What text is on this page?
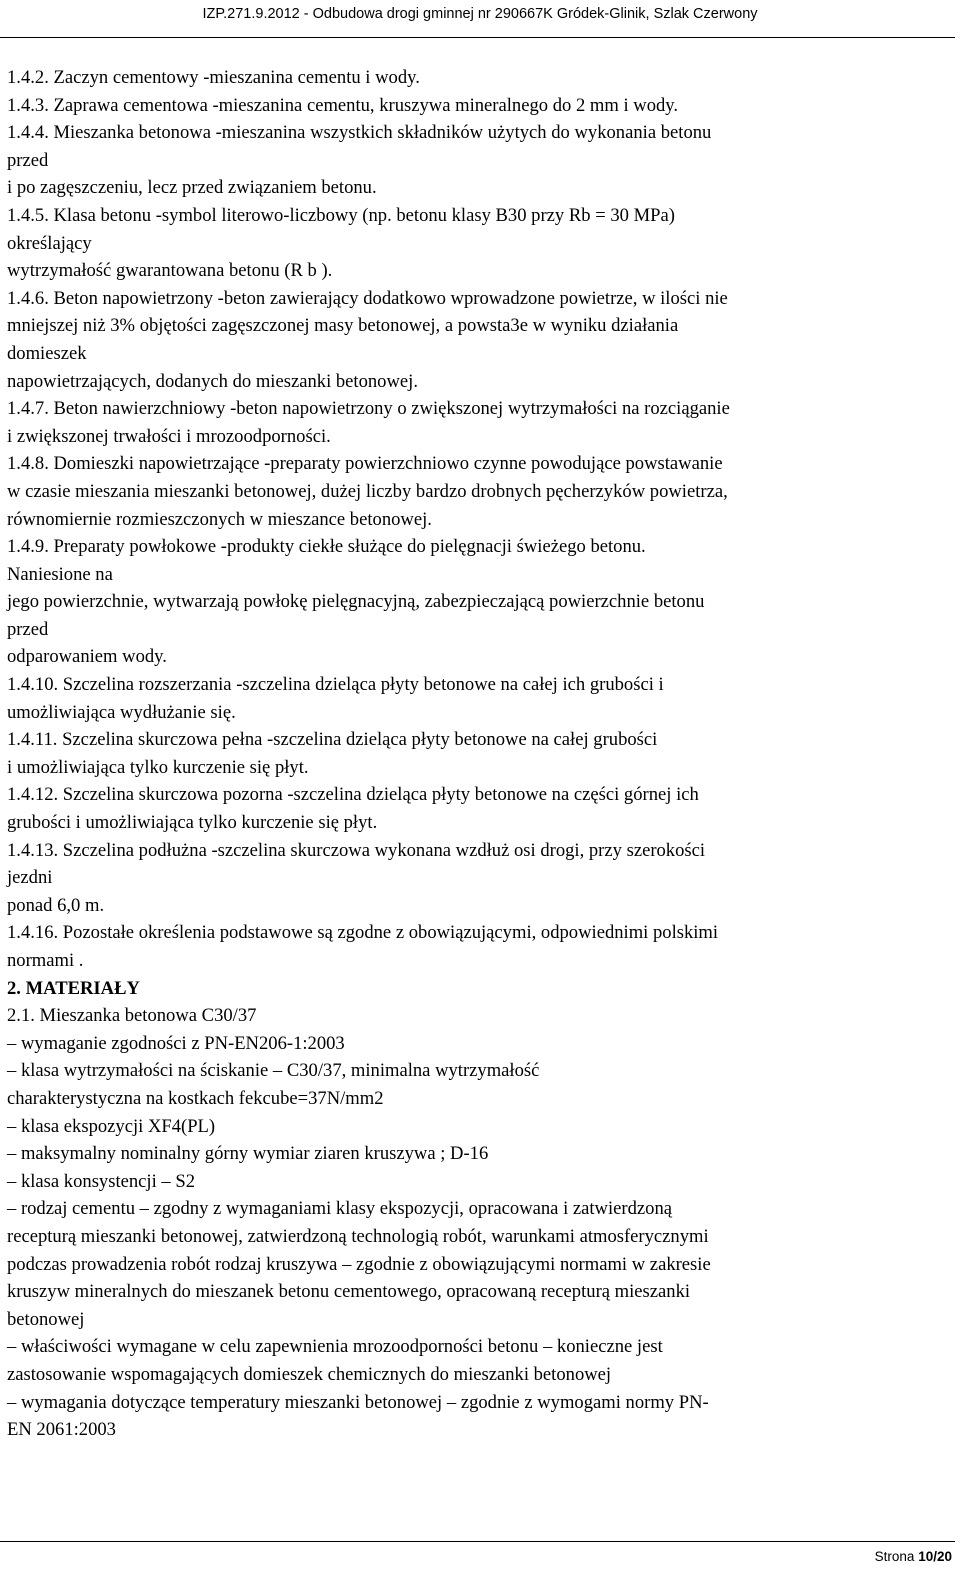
IZP.271.9.2012 - Odbudowa drogi gminnej nr 290667K Gródek-Glinik, Szlak Czerwony
1.4.2. Zaczyn cementowy -mieszanina cementu i wody.
1.4.3. Zaprawa cementowa -mieszanina cementu, kruszywa mineralnego do 2 mm i wody.
1.4.4. Mieszanka betonowa -mieszanina wszystkich składników użytych do wykonania betonu
przed
i po zagęszczeniu, lecz przed związaniem betonu.
1.4.5. Klasa betonu -symbol literowo-liczbowy (np. betonu klasy B30 przy Rb = 30 MPa)
określający
wytrzymałość gwarantowana betonu (R b ).
1.4.6. Beton napowietrzony -beton zawierający dodatkowo wprowadzone powietrze, w ilości nie
mniejszej niż 3% objętości zagęszczonej masy betonowej, a powsta3e w wyniku działania
domieszek
napowietrzających, dodanych do mieszanki betonowej.
1.4.7. Beton nawierzchniowy -beton napowietrzony o zwiększonej wytrzymałości na rozciąganie
i zwiększonej trwałości i mrozoodporności.
1.4.8. Domieszki napowietrzające -preparaty powierzchniowo czynne powodujące powstawanie
w czasie mieszania mieszanki betonowej, dużej liczby bardzo drobnych pęcherzyków powietrza,
równomiernie rozmieszczonych w mieszance betonowej.
1.4.9. Preparaty powłokowe -produkty ciekłe służące do pielęgnacji świeżego betonu.
Naniesione na
jego powierzchnie, wytwarzają powłokę pielęgnacyjną, zabezpieczającą powierzchnie betonu
przed
odparowaniem wody.
1.4.10. Szczelina rozszerzania -szczelina dzieląca płyty betonowe na całej ich grubości i
umożliwiająca wydłużanie się.
1.4.11. Szczelina skurczowa pełna -szczelina dzieląca płyty betonowe na całej grubości
i umożliwiająca tylko kurczenie się płyt.
1.4.12. Szczelina skurczowa pozorna -szczelina dzieląca płyty betonowe na części górnej ich
grubości i umożliwiająca tylko kurczenie się płyt.
1.4.13. Szczelina podłużna -szczelina skurczowa wykonana wzdłuż osi drogi, przy szerokości
jezdni
ponad 6,0 m.
1.4.16. Pozostałe określenia podstawowe są zgodne z obowiązującymi, odpowiednimi polskimi
normami .
2. MATERIAŁY
2.1. Mieszanka betonowa C30/37
– wymaganie zgodności z PN-EN206-1:2003
– klasa wytrzymałości na ściskanie – C30/37, minimalna wytrzymałość
charakterystyczna na kostkach fekcube=37N/mm2
– klasa ekspozycji XF4(PL)
– maksymalny nominalny górny wymiar ziaren kruszywa ; D-16
– klasa konsystencji – S2
– rodzaj cementu – zgodny z wymaganiami klasy ekspozycji, opracowana i zatwierdzoną
recepturą mieszanki betonowej, zatwierdzoną technologią robót, warunkami atmosferycznymi
podczas prowadzenia robót rodzaj kruszywa – zgodnie z obowiązującymi normami w zakresie
kruszyw mineralnych do mieszanek betonu cementowego, opracowaną recepturą mieszanki
betonowej
– właściwości wymagane w celu zapewnienia mrozoodporności betonu – konieczne jest
zastosowanie wspomagających domieszek chemicznych do mieszanki betonowej
– wymagania dotyczące temperatury mieszanki betonowej – zgodnie z wymogami normy PN-
EN 2061:2003
Strona 10/20
